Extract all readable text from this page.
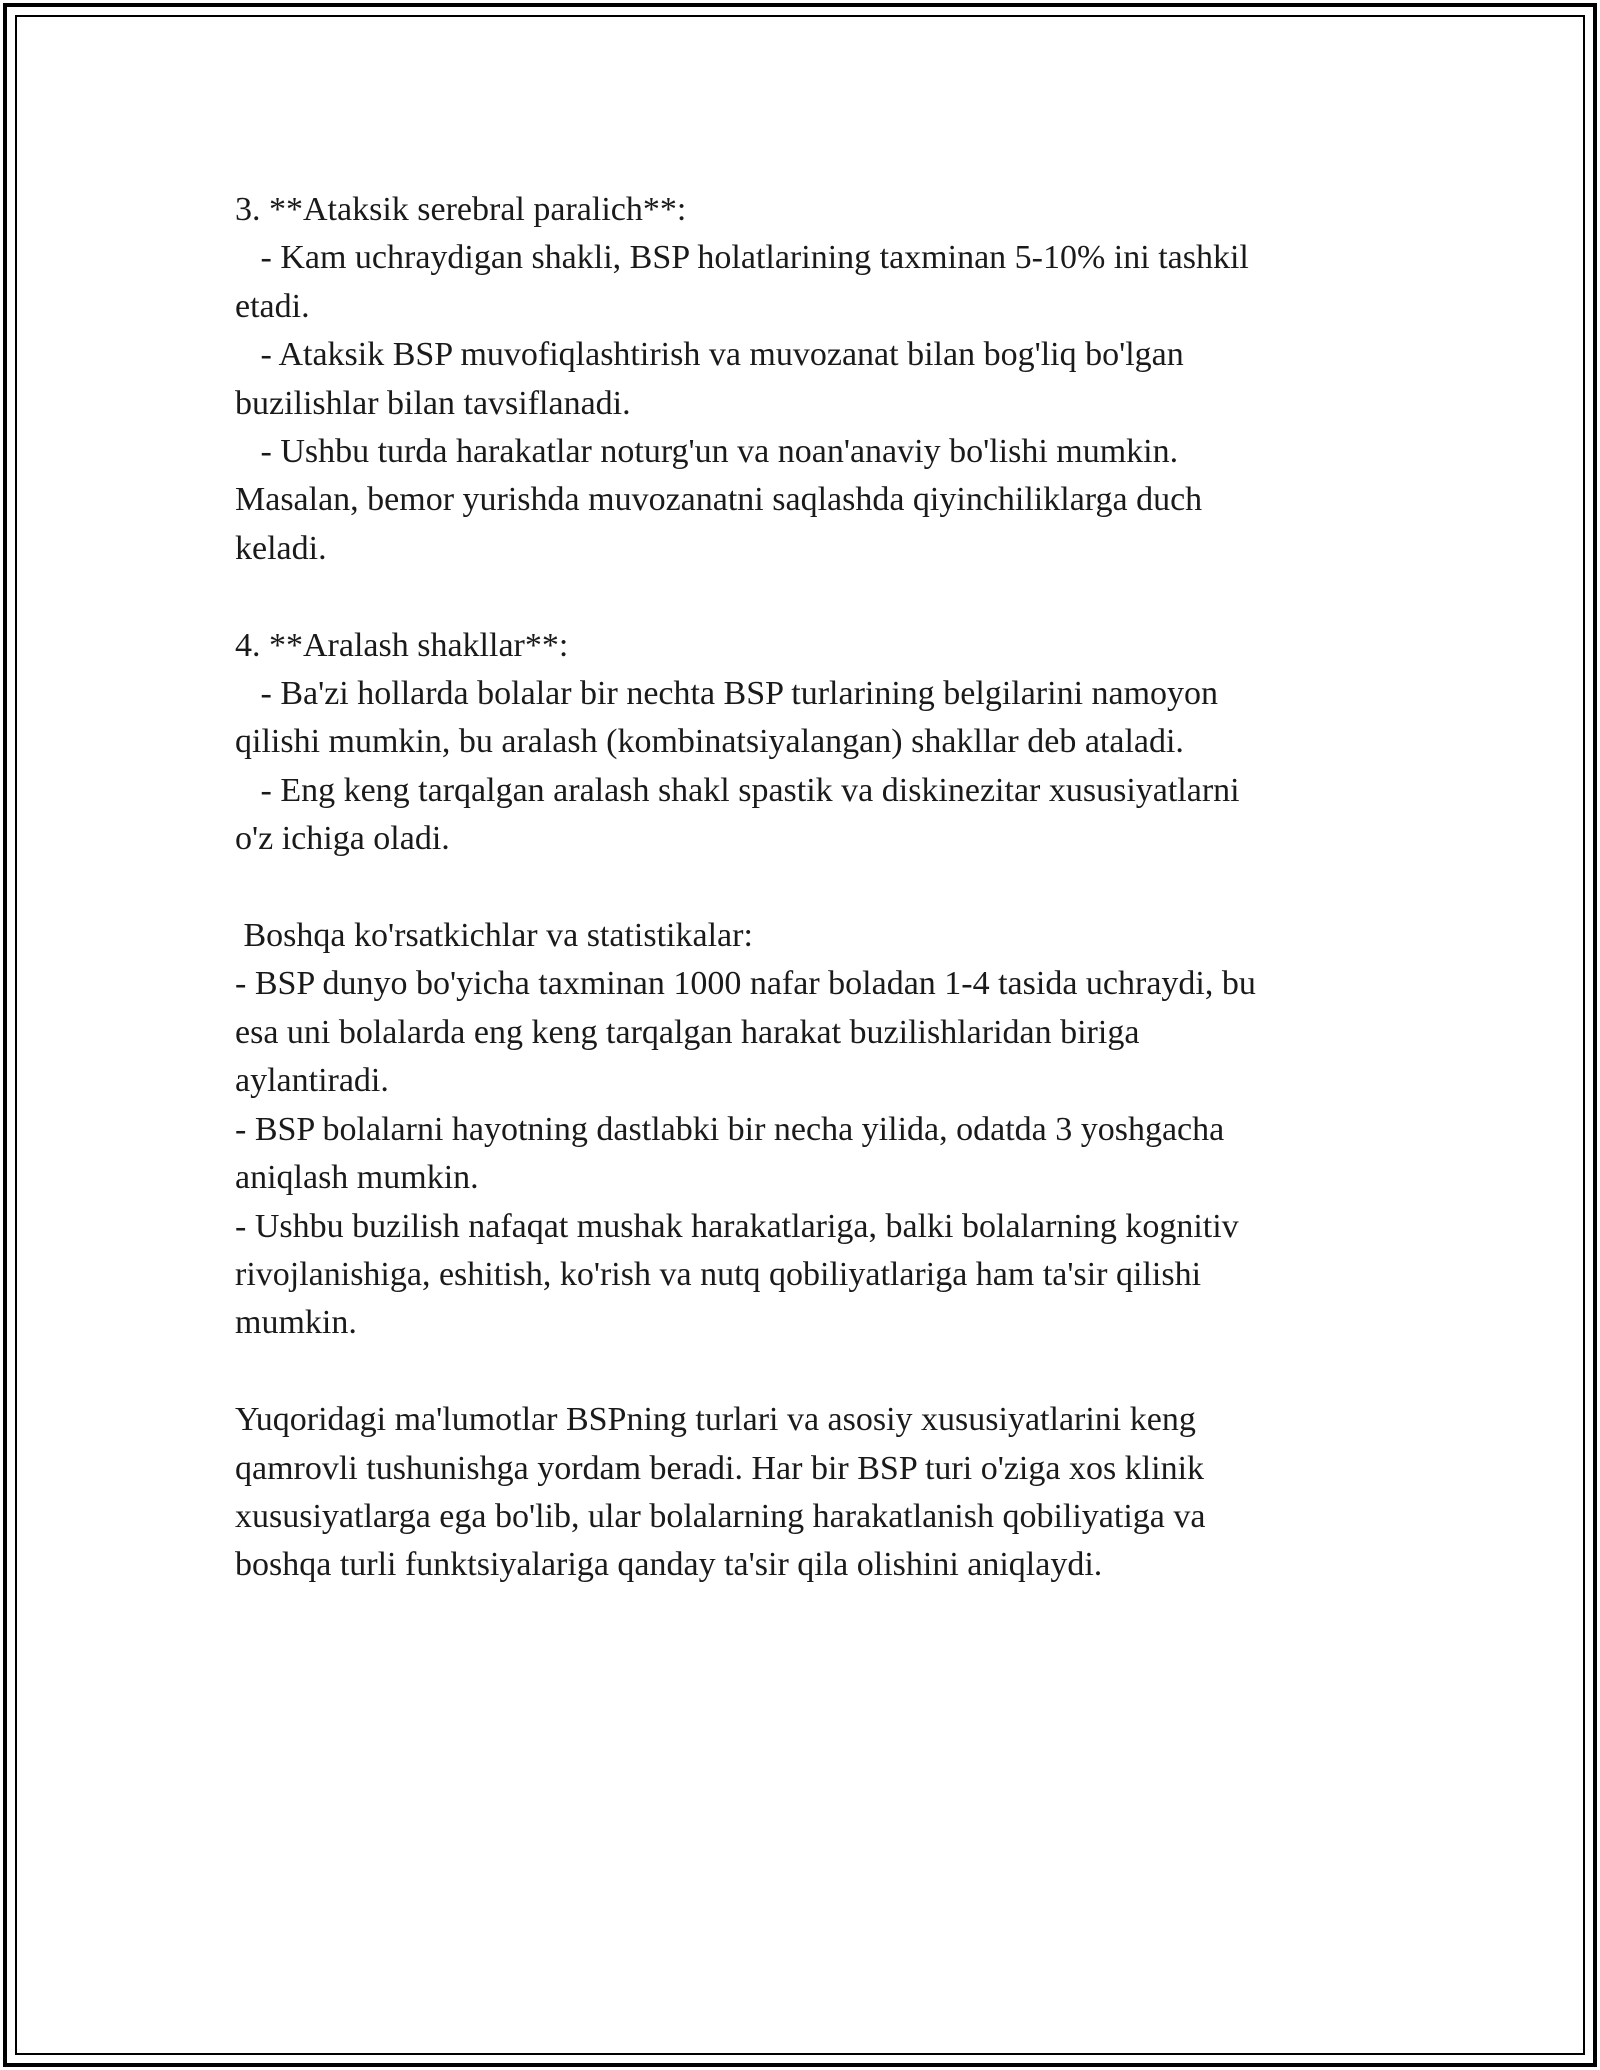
3. **Ataksik serebral paralich**:
- Kam uchraydigan shakli, BSP holatlarining taxminan 5-10% ini tashkil
etadi.
- Ataksik BSP muvofiqlashtirish va muvozanat bilan bog'liq bo'lgan
buzilishlar bilan tavsiflanadi.
- Ushbu turda harakatlar noturg'un va noan'anaviy bo'lishi mumkin.
Masalan, bemor yurishda muvozanatni saqlashda qiyinchiliklarga duch
keladi.
4. **Aralash shakllar**:
- Ba'zi hollarda bolalar bir nechta BSP turlarining belgilarini namoyon
qilishi mumkin, bu aralash (kombinatsiyalangan) shakllar deb ataladi.
- Eng keng tarqalgan aralash shakl spastik va diskinezitar xususiyatlarni
o'z ichiga oladi.
Boshqa ko'rsatkichlar va statistikalar:
- BSP dunyo bo'yicha taxminan 1000 nafar boladan 1-4 tasida uchraydi, bu
esa uni bolalarda eng keng tarqalgan harakat buzilishlaridan biriga
aylantiradi.
- BSP bolalarni hayotning dastlabki bir necha yilida, odatda 3 yoshgacha
aniqlash mumkin.
- Ushbu buzilish nafaqat mushak harakatlariga, balki bolalarning kognitiv
rivojlanishiga, eshitish, ko'rish va nutq qobiliyatlariga ham ta'sir qilishi
mumkin.
Yuqoridagi ma'lumotlar BSPning turlari va asosiy xususiyatlarini keng
qamrovli tushunishga yordam beradi. Har bir BSP turi o'ziga xos klinik
xususiyatlarga ega bo'lib, ular bolalarning harakatlanish qobiliyatiga va
boshqa turli funktsiyalariga qanday ta'sir qila olishini aniqlaydi.
